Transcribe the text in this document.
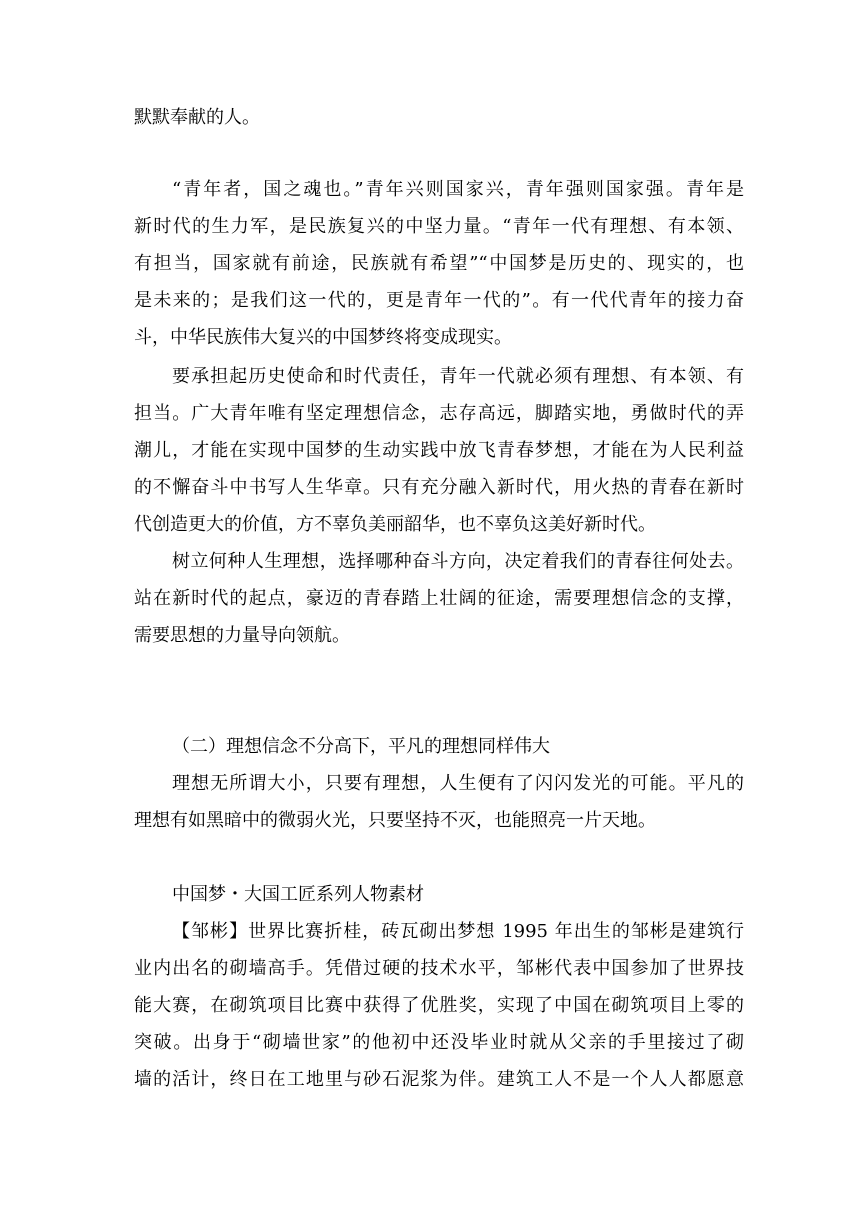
默默奉献的人。
“青年者，国之魂也。”青年兴则国家兴，青年强则国家强。青年是
新时代的生力军，是民族复兴的中坚力量。“青年一代有理想、有本领、
有担当，国家就有前途，民族就有希望”“中国梦是历史的、现实的，也
是未来的；是我们这一代的，更是青年一代的”。有一代代青年的接力奋
斗，中华民族伟大复兴的中国梦终将变成现实。
要承担起历史使命和时代责任，青年一代就必须有理想、有本领、有
担当。广大青年唯有坚定理想信念，志存高远，脚踏实地，勇做时代的弄
潮儿，才能在实现中国梦的生动实践中放飞青春梦想，才能在为人民利益
的不懈奋斗中书写人生华章。只有充分融入新时代，用火热的青春在新时
代创造更大的价值，方不辜负美丽韶华，也不辜负这美好新时代。
树立何种人生理想，选择哪种奋斗方向，决定着我们的青春往何处去。
站在新时代的起点，豪迈的青春踏上壮阔的征途，需要理想信念的支撑，
需要思想的力量导向领航。
（二）理想信念不分高下，平凡的理想同样伟大
理想无所谓大小，只要有理想，人生便有了闪闪发光的可能。平凡的
理想有如黑暗中的微弱火光，只要坚持不灭，也能照亮一片天地。
中国梦・大国工匠系列人物素材
【邹彬】世界比赛折桂，砖瓦砌出梦想 1995 年出生的邹彬是建筑行
业内出名的砌墙高手。凭借过硬的技术水平，邹彬代表中国参加了世界技
能大赛，在砌筑项目比赛中获得了优胜奖，实现了中国在砌筑项目上零的
突破。出身于“砌墙世家”的他初中还没毕业时就从父亲的手里接过了砌
墙的活计，终日在工地里与砂石泥浆为伴。建筑工人不是一个人人都愿意
